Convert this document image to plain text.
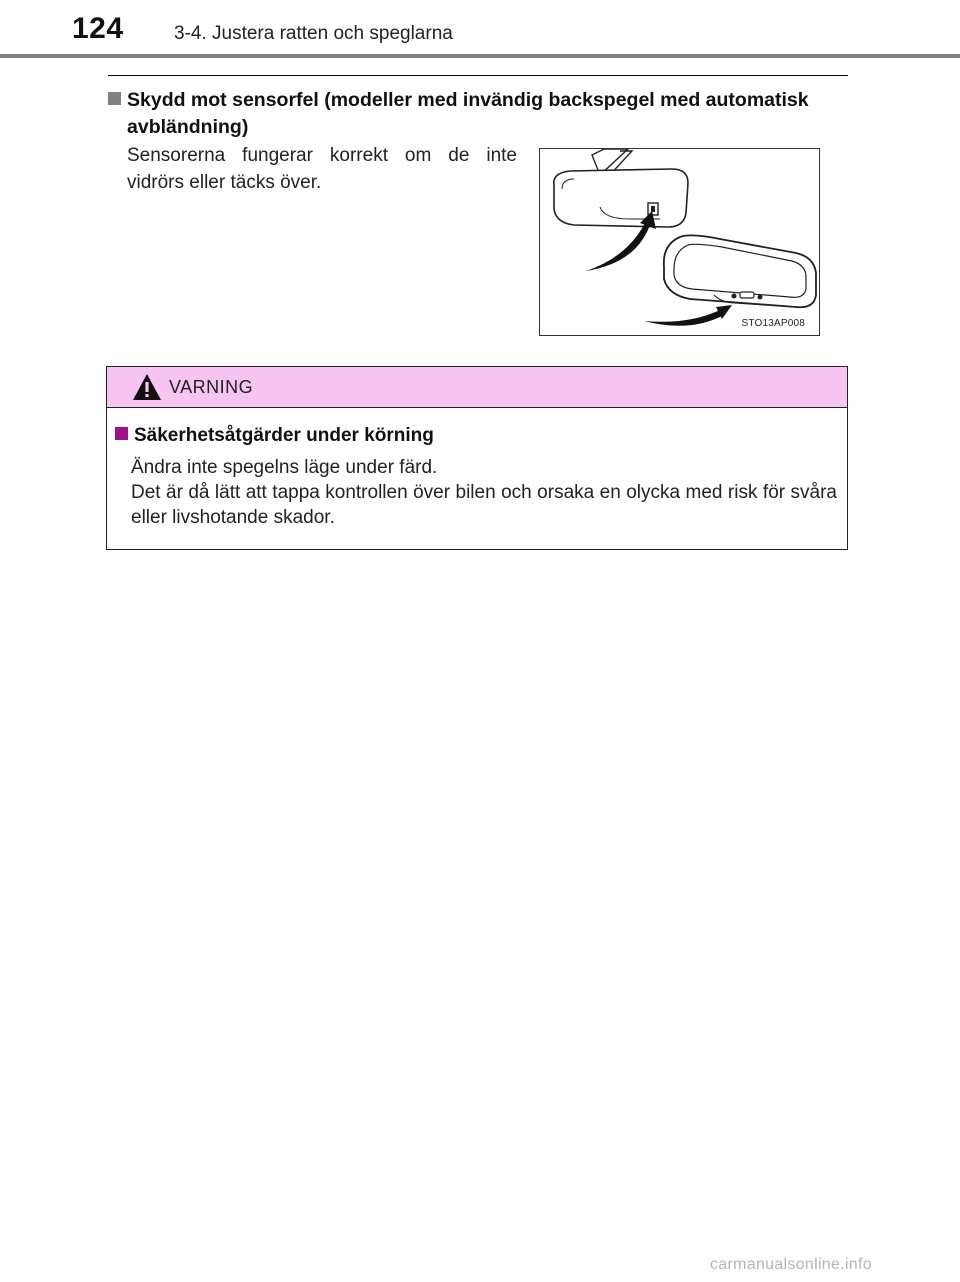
124	3-4. Justera ratten och speglarna
Skydd mot sensorfel (modeller med invändig backspegel med automatisk
avbländning)
Sensorerna fungerar korrekt om de inte vidrörs eller täcks över.
STO13AP008
VARNING
Säkerhetsåtgärder under körning

Ändra inte spegelns läge under färd.

Det är då lätt att tappa kontrollen över bilen och orsaka en olycka med risk för svåra eller livshotande skador.

carmanualsonline.info
